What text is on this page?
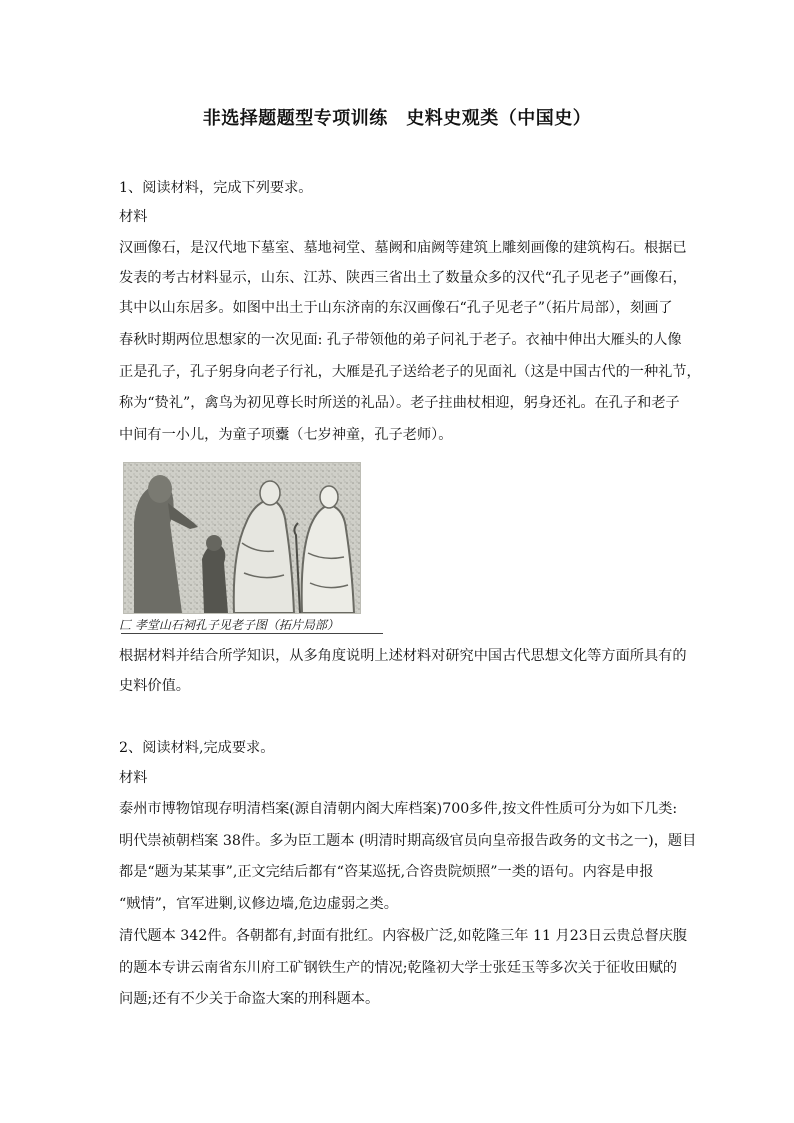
非选择题题型专项训练　史料史观类（中国史）
1、阅读材料，完成下列要求。
材料
汉画像石，是汉代地下墓室、墓地祠堂、墓阙和庙阙等建筑上雕刻画像的建筑构石。根据已
发表的考古材料显示，山东、江苏、陕西三省出土了数量众多的汉代“孔子见老子”画像石，
其中以山东居多。如图中出土于山东济南的东汉画像石“孔子见老子”（拓片局部），刻画了
春秋时期两位思想家的一次见面: 孔子带领他的弟子问礼于老子。衣袖中伸出大雁头的人像
正是孔子，孔子躬身向老子行礼，大雁是孔子送给老子的见面礼（这是中国古代的一种礼节，
称为“贽礼”，禽鸟为初见尊长时所送的礼品）。老子拄曲杖相迎，躬身还礼。在孔子和老子
中间有一小儿，为童子项櫜（七岁神童，孔子老师）。
匚 孝堂山石祠孔子见老子图（拓片局部）
根据材料并结合所学知识，从多角度说明上述材料对研究中国古代思想文化等方面所具有的
史料价值。
2、阅读材料,完成要求。
材料
泰州市博物馆现存明清档案(源自清朝内阁大库档案)700多件,按文件性质可分为如下几类:
明代崇祯朝档案 38件。多为臣工题本 (明清时期高级官员向皇帝报告政务的文书之一)，题目
都是“题为某某事”,正文完结后都有“咨某巡抚,合咨贵院烦照”一类的语句。内容是申报
“贼情”，官军进剿,议修边墙,危边虚弱之类。
清代题本 342件。各朝都有,封面有批红。内容极广泛,如乾隆三年 11 月23日云贵总督庆腹
的题本专讲云南省东川府工矿钢铁生产的情况;乾隆初大学士张廷玉等多次关于征收田赋的
问题;还有不少关于命盗大案的刑科题本。
